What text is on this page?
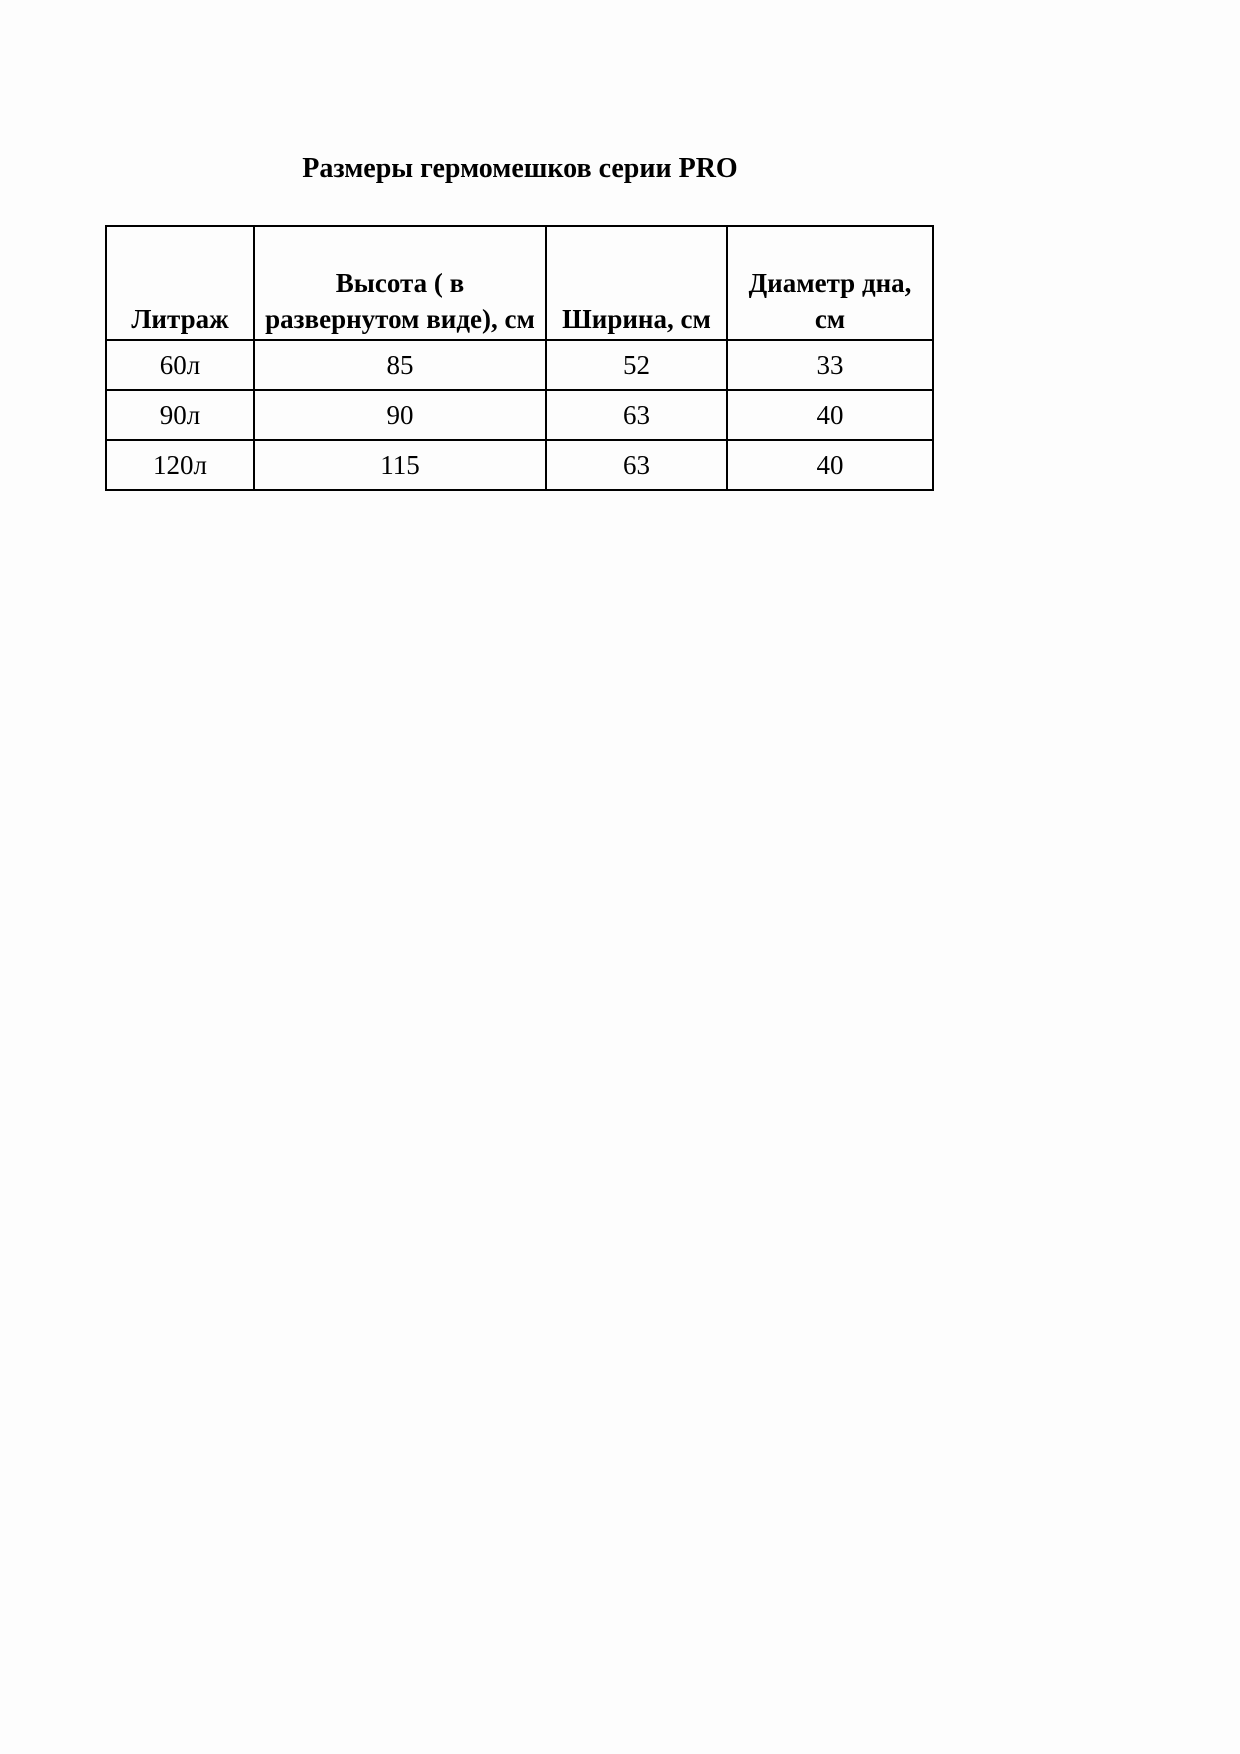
Размеры гермомешков серии PRO
Литраж	Высота ( в развернутом виде), см	Ширина, см	Диаметр дна, см
60л	85	52	33
90л	90	63	40
120л	115	63	40
